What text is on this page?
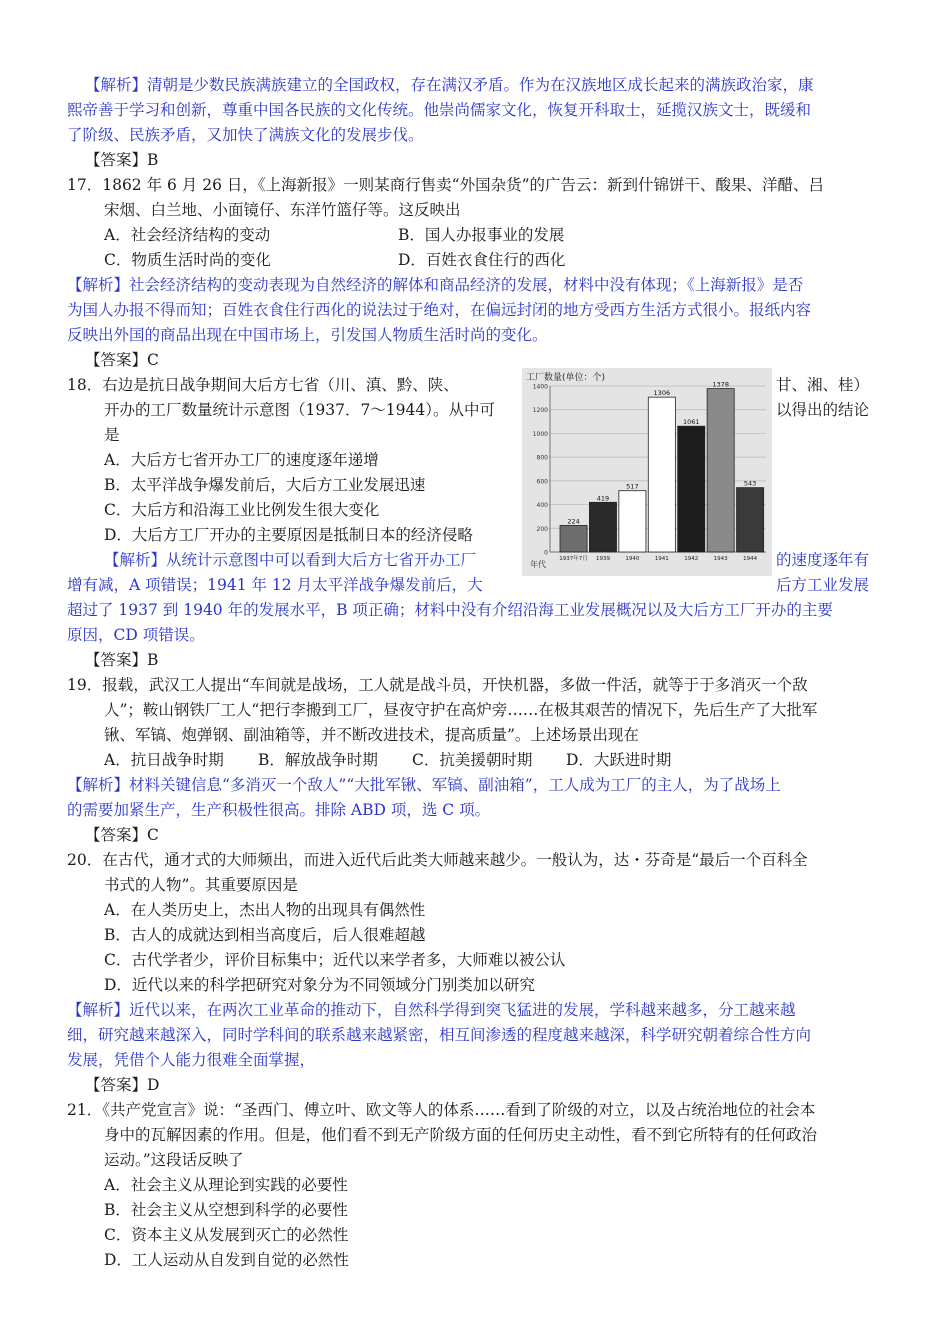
【解析】清朝是少数民族满族建立的全国政权，存在满汉矛盾。作为在汉族地区成长起来的满族政治家，康
熙帝善于学习和创新，尊重中国各民族的文化传统。他崇尚儒家文化，恢复开科取士，延揽汉族文士，既缓和
了阶级、民族矛盾，又加快了满族文化的发展步伐。
【答案】B
17．1862 年 6 月 26 日，《上海新报》一则某商行售卖“外国杂货”的广告云：新到什锦饼干、酸果、洋醋、吕
宋烟、白兰地、小面镜仔、东洋竹篮仔等。这反映出
A．社会经济结构的变动	B．国人办报事业的发展
C．物质生活时尚的变化	D．百姓衣食住行的西化
【解析】社会经济结构的变动表现为自然经济的解体和商品经济的发展，材料中没有体现；《上海新报》是否
为国人办报不得而知；百姓衣食住行西化的说法过于绝对，在偏远封闭的地方受西方生活方式很小。报纸内容
反映出外国的商品出现在中国市场上，引发国人物质生活时尚的变化。
【答案】C
18．右边是抗日战争期间大后方七省（川、滇、黔、陕、	甘、湘、桂）
开办的工厂数量统计示意图（1937．7～1944）。从中可	以得出的结论
是
A．大后方七省开办工厂的速度逐年递增
B．太平洋战争爆发前后，大后方工业发展迅速
C．大后方和沿海工业比例发生很大变化
D．大后方工厂开办的主要原因是抵制日本的经济侵略
【解析】从统计示意图中可以看到大后方七省开办工厂	的速度逐年有
增有减，A 项错误；1941 年 12 月太平洋战争爆发前后，大	后方工业发展
超过了 1937 到 1940 年的发展水平，B 项正确；材料中没有介绍沿海工业发展概况以及大后方工厂开办的主要
原因，CD 项错误。
【答案】B
工厂数量(单位：个)
年代
224
419
517
1306
1061
1378
543
1937年7月 1939	1940	1941	1942	1943	1944
0
200
400
600
800
1000
1200
1400
19．报载，武汉工人提出“车间就是战场，工人就是战斗员，开快机器，多做一件活，就等于于多消灭一个敌
人”；鞍山钢铁厂工人“把行李搬到工厂，昼夜守护在高炉旁……在极其艰苦的情况下，先后生产了大批军
锹、军镐、炮弹钢、副油箱等，并不断改进技术，提高质量”。上述场景出现在
A．抗日战争时期 B．解放战争时期 C．抗美援朝时期 D．大跃进时期
【解析】材料关键信息“多消灭一个敌人”“大批军锹、军镐、副油箱”，工人成为工厂的主人，为了战场上
的需要加紧生产，生产积极性很高。排除 ABD 项，选 C 项。
【答案】C
20．在古代，通才式的大师频出，而进入近代后此类大师越来越少。一般认为，达・芬奇是“最后一个百科全
书式的人物”。其重要原因是
A．在人类历史上，杰出人物的出现具有偶然性
B．古人的成就达到相当高度后，后人很难超越
C．古代学者少，评价目标集中；近代以来学者多，大师难以被公认
D．近代以来的科学把研究对象分为不同领域分门别类加以研究
【解析】近代以来，在两次工业革命的推动下，自然科学得到突飞猛进的发展，学科越来越多，分工越来越
细，研究越来越深入，同时学科间的联系越来越紧密，相互间渗透的程度越来越深，科学研究朝着综合性方向
发展，凭借个人能力很难全面掌握，
【答案】D
21．《共产党宣言》说：“圣西门、傅立叶、欧文等人的体系……看到了阶级的对立，以及占统治地位的社会本
身中的瓦解因素的作用。但是，他们看不到无产阶级方面的任何历史主动性，看不到它所特有的任何政治
运动。”这段话反映了
A．社会主义从理论到实践的必要性
B．社会主义从空想到科学的必要性
C．资本主义从发展到灭亡的必然性
D．工人运动从自发到自觉的必然性
